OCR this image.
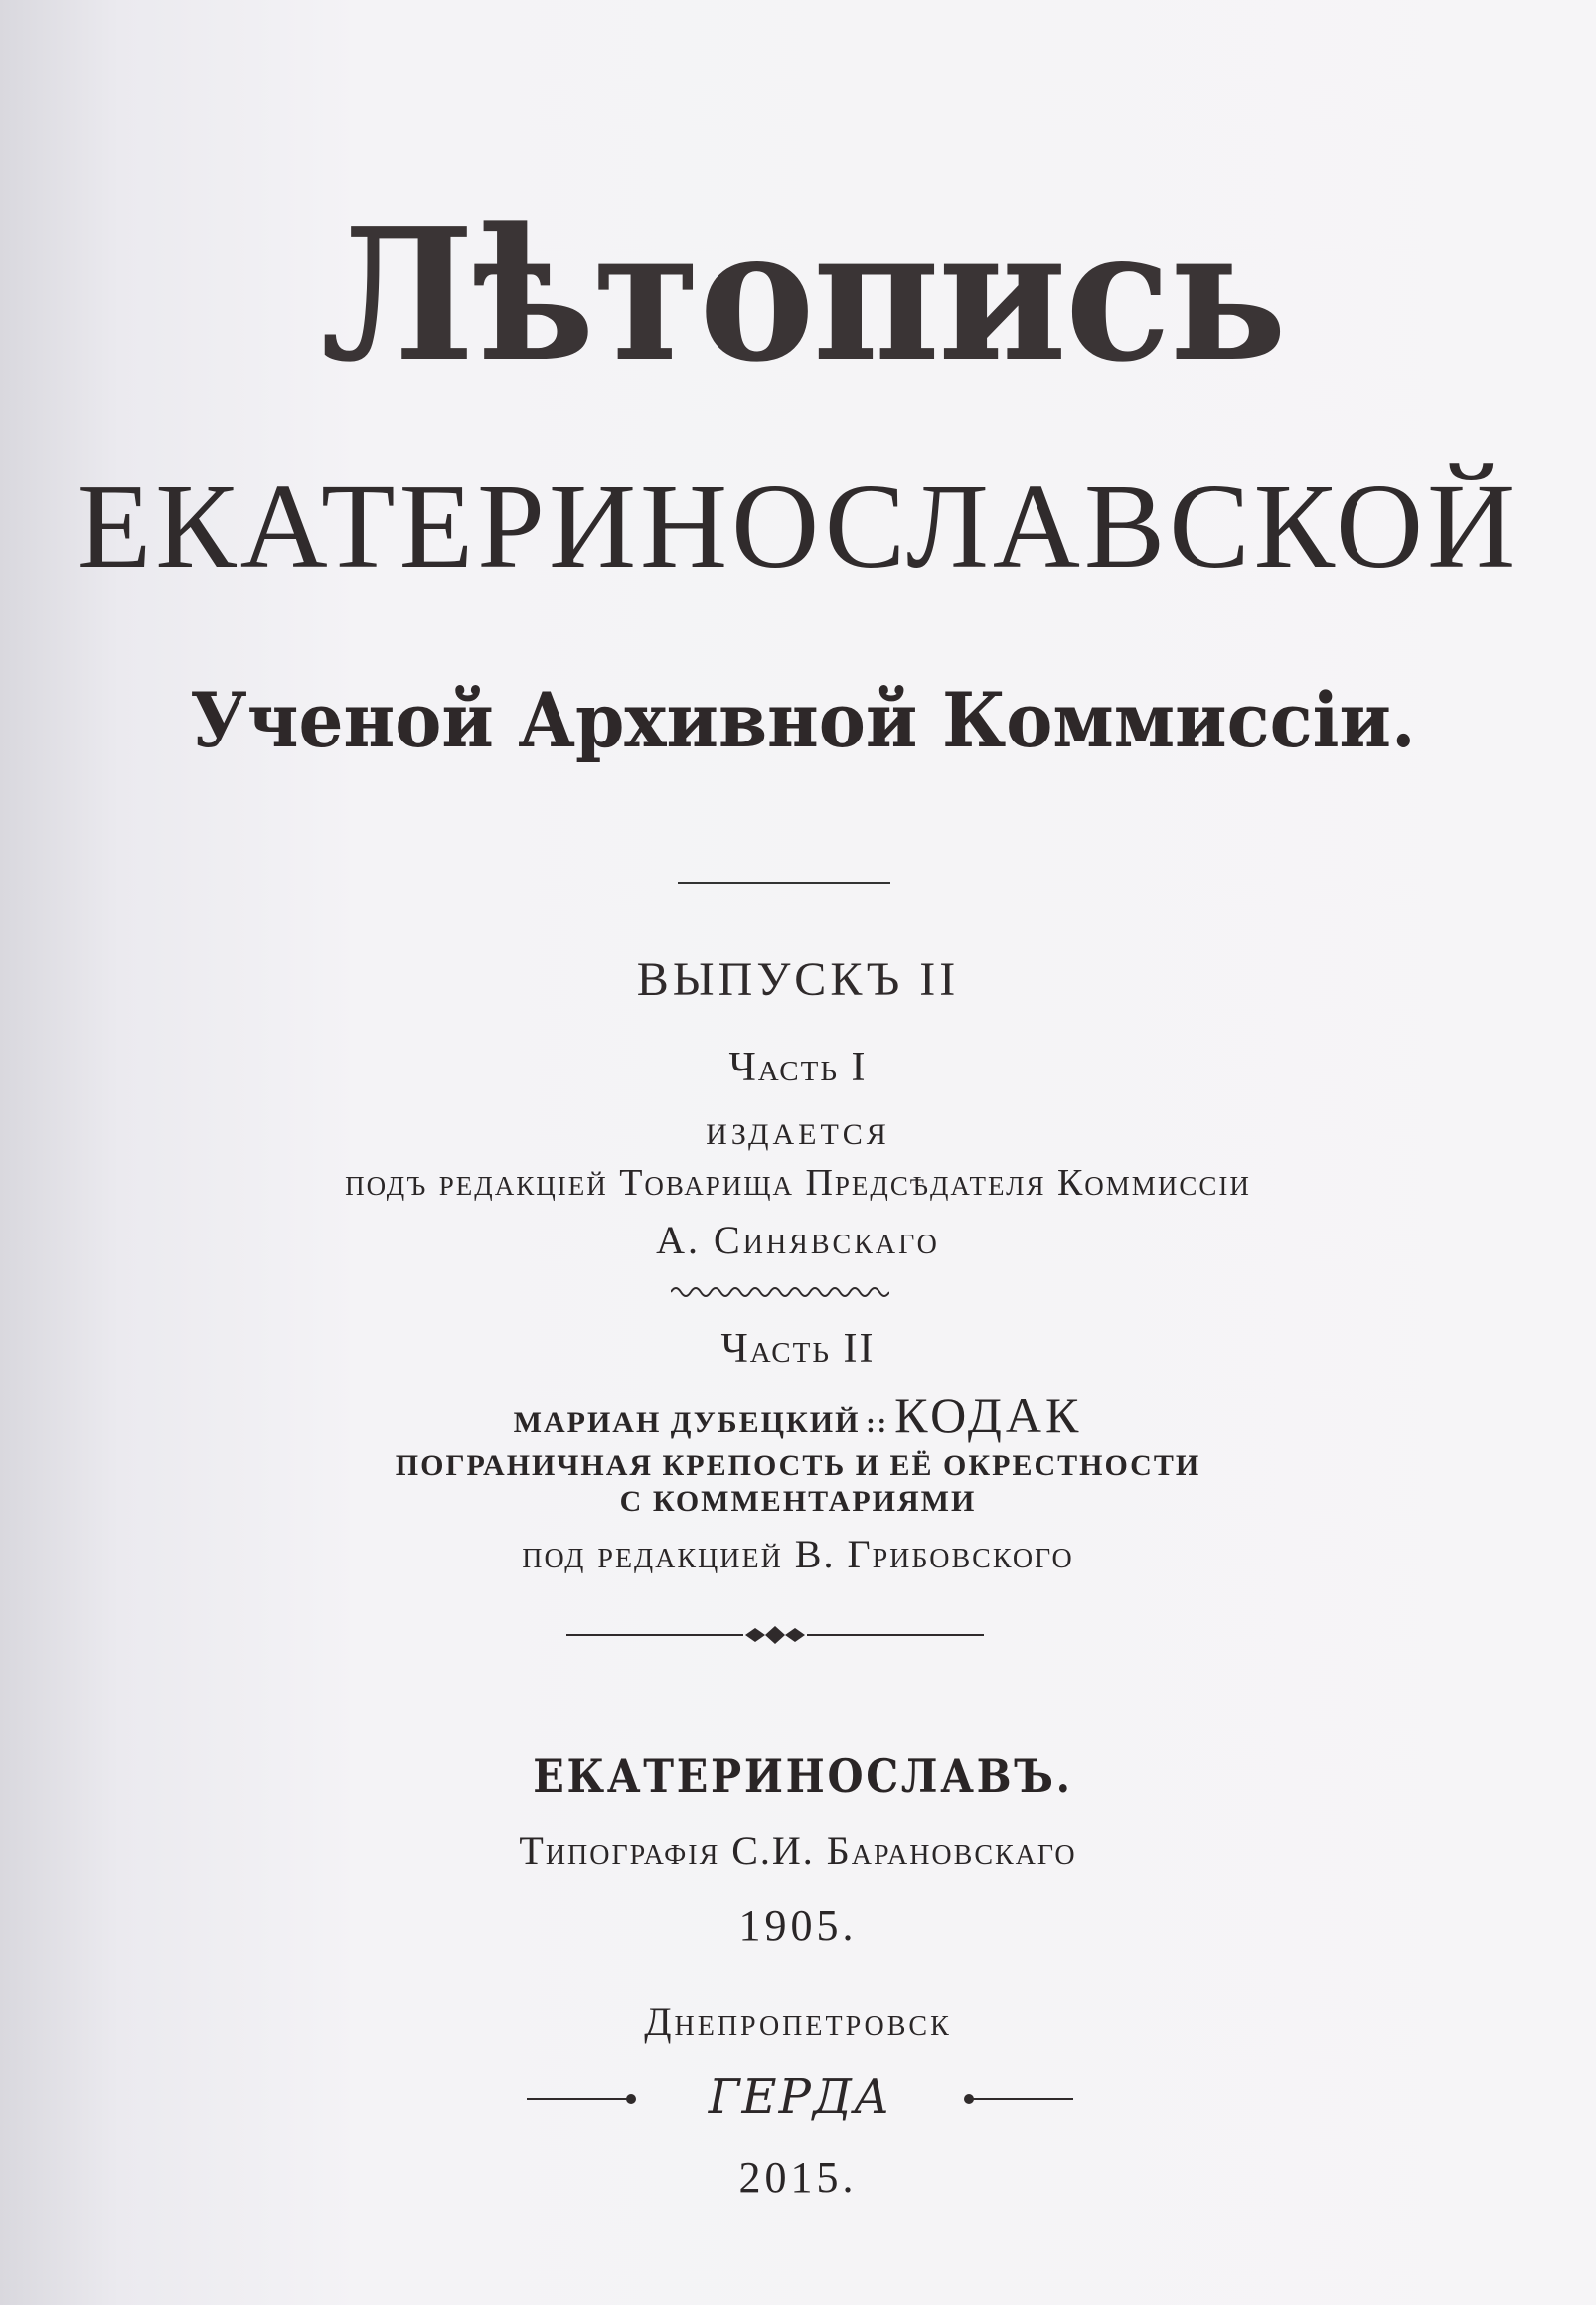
Лѣтопись
ЕКАТЕРИНОСЛАВСКОЙ
Ученой Архивной Коммиссіи.
ВЫПУСКЪ II
Часть I
ИЗДАЕТСЯ
подъ редакціей Товарища Предсѣдателя Коммиссіи
А. Синявскаго
Часть II
МАРИАН ДУБЕЦКИЙ :: КОДАК
ПОГРАНИЧНАЯ КРЕПОСТЬ И ЕЁ ОКРЕСТНОСТИ
С КОММЕНТАРИЯМИ
под редакцией В. Грибовского
ЕКАТЕРИНОСЛАВЪ.
Типографія С.И. Барановскаго
1905.
Днепропетровск
ГЕРДА
2015.
